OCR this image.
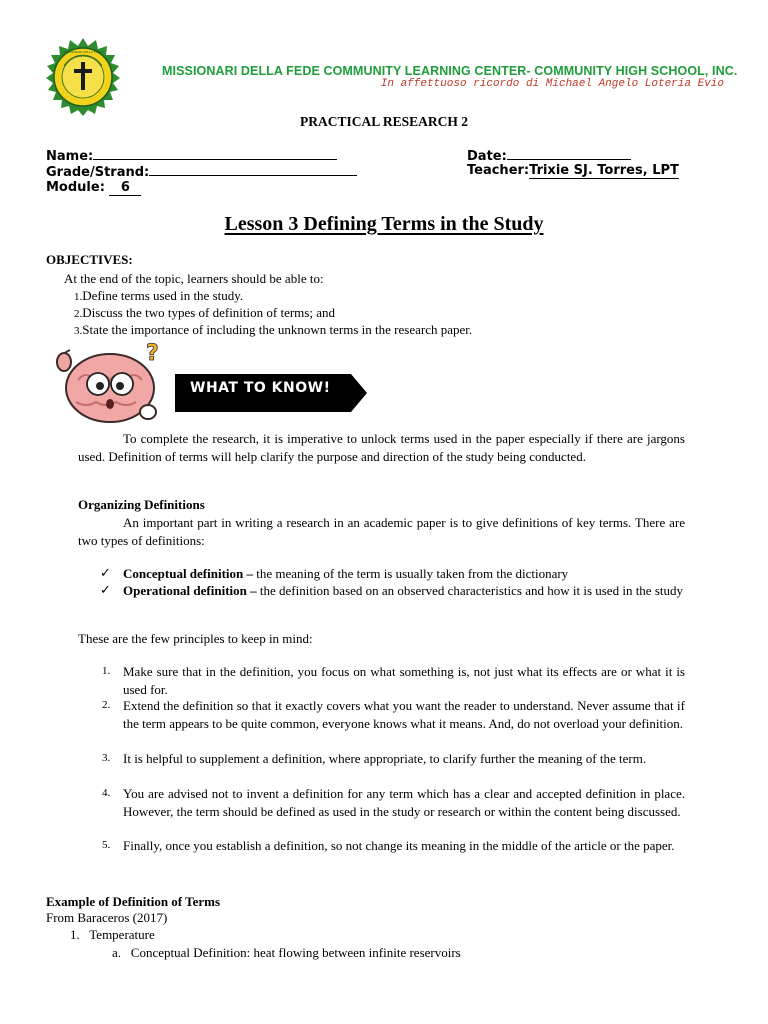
MISSIONARI DELLA FEDE
MISSIONARI DELLA FEDE COMMUNITY LEARNING CENTER- COMMUNITY HIGH SCHOOL, INC.
In affettuoso ricordo di Michael Angelo Loteria Evio
PRACTICAL RESEARCH 2
Name:
Grade/Strand:
Module: 6
Date:
Teacher:Trixie SJ. Torres, LPT
Lesson 3 Defining Terms in the Study
OBJECTIVES:
At the end of the topic, learners should be able to:
1.Define terms used in the study.
2.Discuss the two types of definition of terms; and
3.State the importance of including the unknown terms in the research paper.
?
WHAT TO KNOW!
To complete the research, it is imperative to unlock terms used in the paper especially if there are jargons used. Definition of terms will help clarify the purpose and direction of the study being conducted.
Organizing Definitions
An important part in writing a research in an academic paper is to give definitions of key terms. There are two types of definitions:
✓ Conceptual definition – the meaning of the term is usually taken from the dictionary
✓ Operational definition – the definition based on an observed characteristics and how it is used in the study
These are the few principles to keep in mind:
1. Make sure that in the definition, you focus on what something is, not just what its effects are or what it is used for.
2. Extend the definition so that it exactly covers what you want the reader to understand. Never assume that if the term appears to be quite common, everyone knows what it means. And, do not overload your definition.
3. It is helpful to supplement a definition, where appropriate, to clarify further the meaning of the term.
4. You are advised not to invent a definition for any term which has a clear and accepted definition in place. However, the term should be defined as used in the study or research or within the content being discussed.
5. Finally, once you establish a definition, so not change its meaning in the middle of the article or the paper.
Example of Definition of Terms
From Baraceros (2017)
1.   Temperature
a.   Conceptual Definition: heat flowing between infinite reservoirs
